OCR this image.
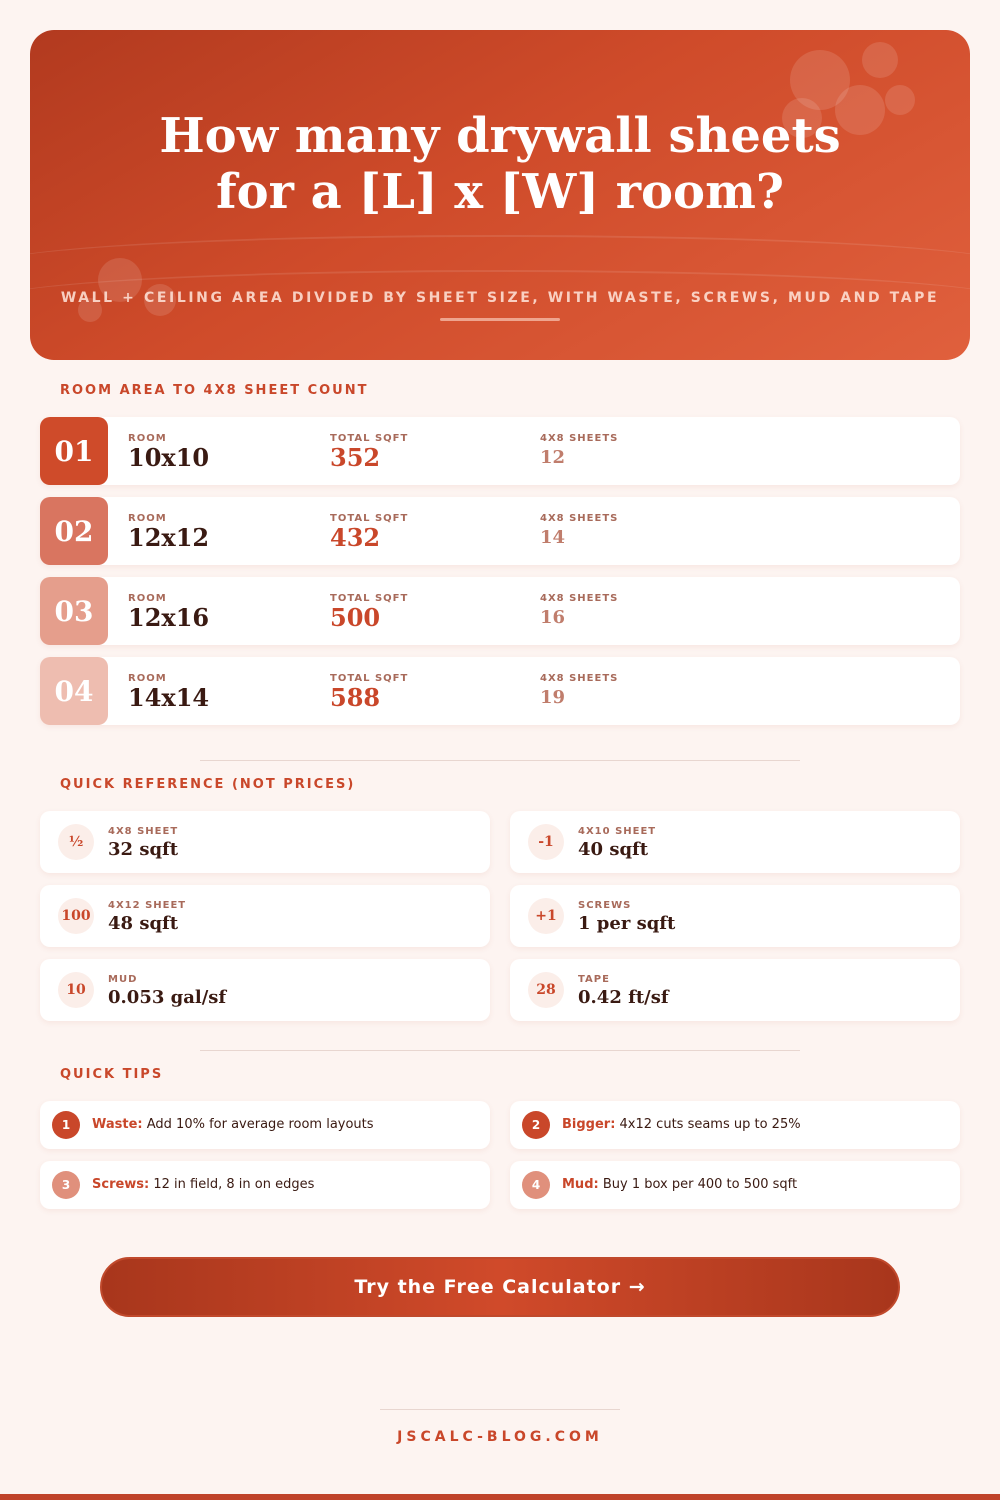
How many drywall sheets
for a [L] x [W] room?
WALL + CEILING AREA DIVIDED BY SHEET SIZE, WITH WASTE, SCREWS, MUD AND TAPE
ROOM AREA TO 4X8 SHEET COUNT
01	ROOM
10x10
TOTAL SQFT
352
4X8 SHEETS
12
02	ROOM
12x12
TOTAL SQFT
432
4X8 SHEETS
14
03	ROOM
12x16
TOTAL SQFT
500
4X8 SHEETS
16
04	ROOM
14x14
TOTAL SQFT
588
4X8 SHEETS
19
QUICK REFERENCE (NOT PRICES)
½
4X8 SHEET
32 sqft	-1
4X10 SHEET
40 sqft
100
4X12 SHEET
48 sqft	+1
SCREWS
1 per sqft
10
MUD
0.053 gal/sf	28
TAPE
0.42 ft/sf
QUICK TIPS
1	Waste: Add 10% for average room layouts	2	Bigger: 4x12 cuts seams up to 25%
3	Screws: 12 in field, 8 in on edges	4	Mud: Buy 1 box per 400 to 500 sqft
Try the Free Calculator →
JSCALC-BLOG.COM
